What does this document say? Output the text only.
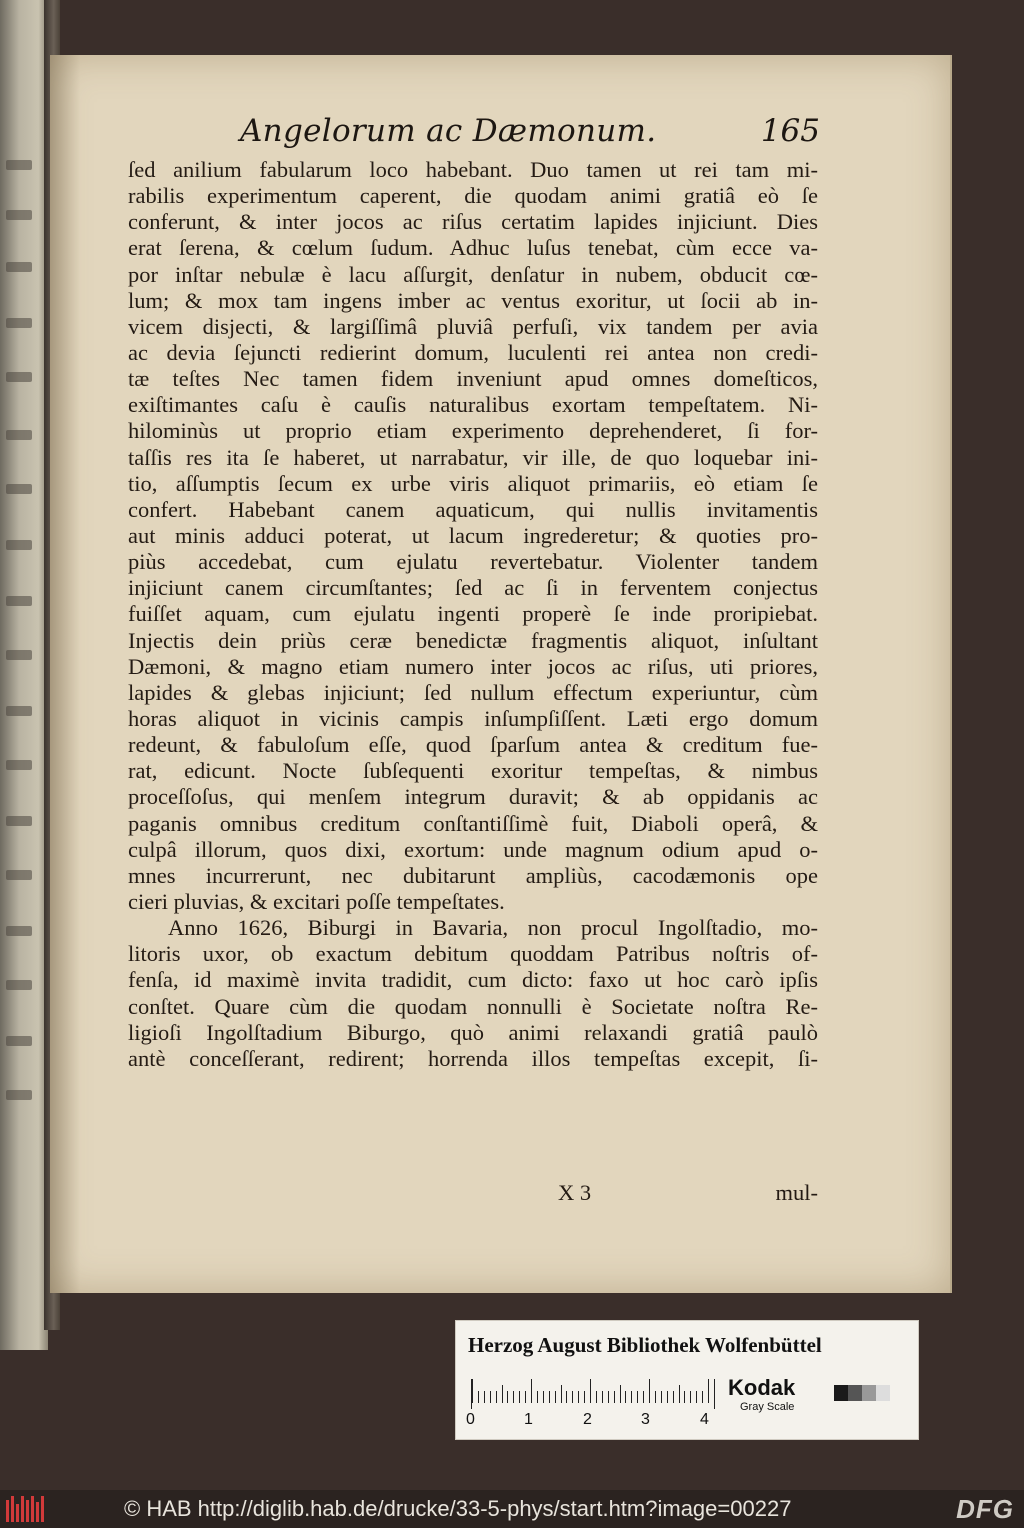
Angelorum ac Dæmonum.	165
ſed anilium fabularum loco habebant. Duo tamen ut rei tam mi-
rabilis experimentum caperent, die quodam animi gratiâ eò ſe
conferunt, & inter jocos ac riſus certatim lapides injiciunt. Dies
erat ſerena, & cœlum ſudum. Adhuc luſus tenebat, cùm ecce va-
por inſtar nebulæ è lacu aſſurgit, denſatur in nubem, obducit cœ-
lum; & mox tam ingens imber ac ventus exoritur, ut ſocii ab in-
vicem disjecti, & largiſſimâ pluviâ perfuſi, vix tandem per avia
ac devia ſejuncti redierint domum, luculenti rei antea non credi-
tæ teſtes Nec tamen fidem inveniunt apud omnes domeſticos,
exiſtimantes caſu è cauſis naturalibus exortam tempeſtatem. Ni-
hilominùs ut proprio etiam experimento deprehenderet, ſi for-
taſſis res ita ſe haberet, ut narrabatur, vir ille, de quo loquebar ini-
tio, aſſumptis ſecum ex urbe viris aliquot primariis, eò etiam ſe
confert. Habebant canem aquaticum, qui nullis invitamentis
aut minis adduci poterat, ut lacum ingrederetur; & quoties pro-
piùs accedebat, cum ejulatu revertebatur. Violenter tandem
injiciunt canem circumſtantes; ſed ac ſi in ferventem conjectus
fuiſſet aquam, cum ejulatu ingenti properè ſe inde proripiebat.
Injectis dein priùs ceræ benedictæ fragmentis aliquot, inſultant
Dæmoni, & magno etiam numero inter jocos ac riſus, uti priores,
lapides & glebas injiciunt; ſed nullum effectum experiuntur, cùm
horas aliquot in vicinis campis inſumpſiſſent. Læti ergo domum
redeunt, & fabuloſum eſſe, quod ſparſum antea & creditum fue-
rat, edicunt. Nocte ſubſequenti exoritur tempeſtas, & nimbus
proceſſoſus, qui menſem integrum duravit; & ab oppidanis ac
paganis omnibus creditum conſtantiſſimè fuit, Diaboli operâ, &
culpâ illorum, quos dixi, exortum: unde magnum odium apud o-
mnes incurrerunt, nec dubitarunt ampliùs, cacodæmonis ope
cieri pluvias, & excitari poſſe tempeſtates.
Anno 1626, Biburgi in Bavaria, non procul Ingolſtadio, mo-
litoris uxor, ob exactum debitum quoddam Patribus noſtris of-
fenſa, id maximè invita tradidit, cum dicto: faxo ut hoc carò ipſis
conſtet. Quare cùm die quodam nonnulli è Societate noſtra Re-
ligioſi Ingolſtadium Biburgo, quò animi relaxandi gratiâ paulò
antè conceſſerant, redirent; horrenda illos tempeſtas excepit, ſi-
X 3	mul-
Herzog August Bibliothek Wolfenbüttel
0	1	2	3	4
Kodak
Gray Scale
© HAB http://diglib.hab.de/drucke/33-5-phys/start.htm?image=00227	DFG
